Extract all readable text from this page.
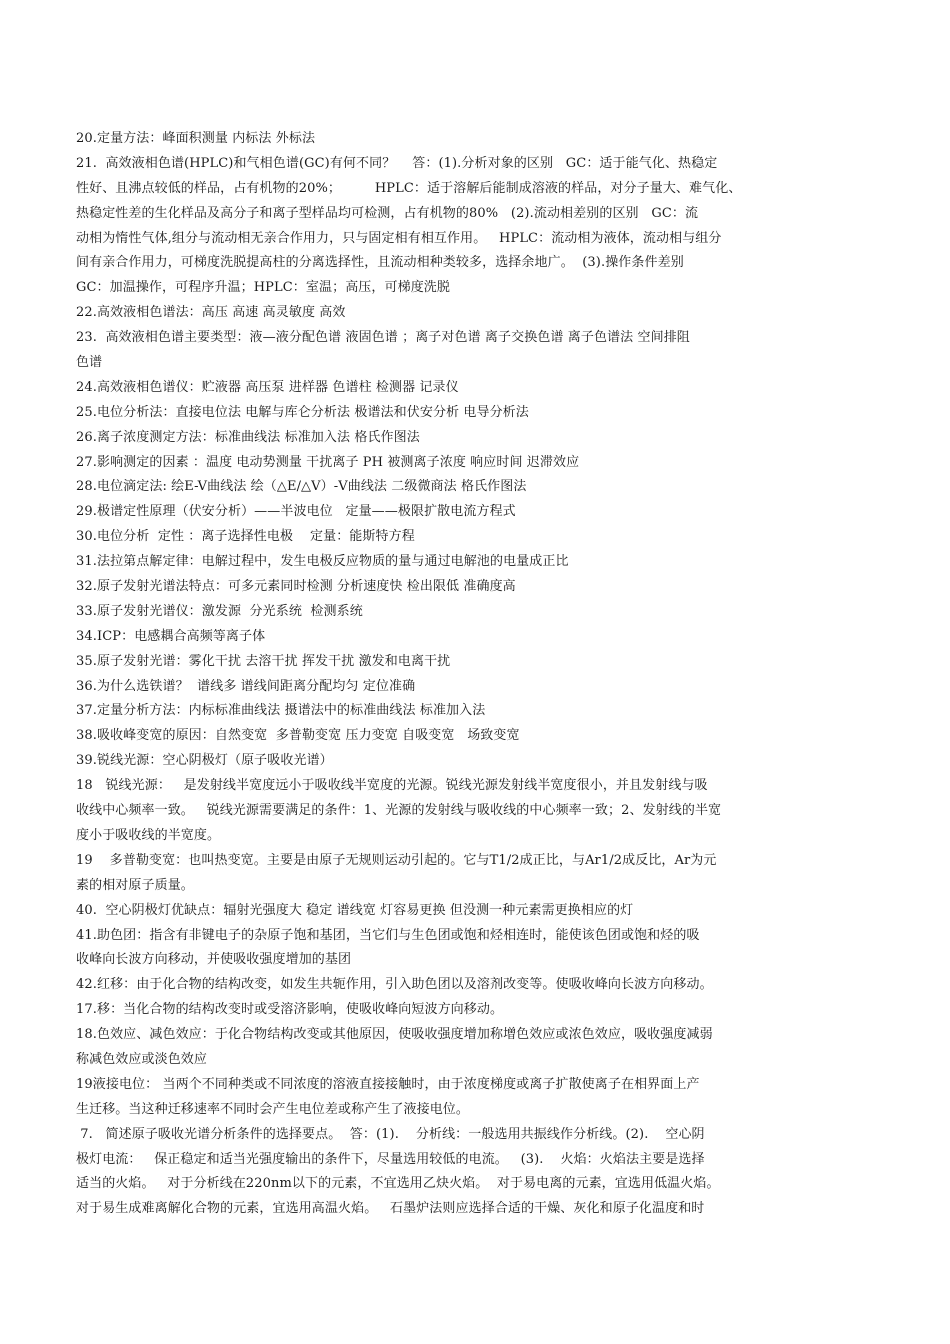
20.定量方法：峰面积测量 内标法 外标法
21.  高效液相色谱(HPLC)和气相色谱(GC)有何不同？    答：(1).分析对象的区别   GC：适于能气化、热稳定
性好、且沸点较低的样品，占有机物的20%；        HPLC：适于溶解后能制成溶液的样品，对分子量大、难气化、
热稳定性差的生化样品及高分子和离子型样品均可检测，占有机物的80%   (2).流动相差别的区别   GC：流
动相为惰性气体,组分与流动相无亲合作用力，只与固定相有相互作用。   HPLC：流动相为液体，流动相与组分
间有亲合作用力，可梯度洗脱提高柱的分离选择性，且流动相种类较多，选择余地广。  (3).操作条件差别
GC：加温操作，可程序升温；HPLC：室温；高压，可梯度洗脱
22.高效液相色谱法：高压 高速 高灵敏度 高效
23.  高效液相色谱主要类型：液—液分配色谱 液固色谱 ；离子对色谱 离子交换色谱 离子色谱法 空间排阻
色谱
24.高效液相色谱仪：贮液器 高压泵 进样器 色谱柱 检测器 记录仪
25.电位分析法：直接电位法 电解与库仑分析法 极谱法和伏安分析 电导分析法
26.离子浓度测定方法：标准曲线法 标准加入法 格氏作图法
27.影响测定的因素 ：温度 电动势测量 干扰离子 PH 被测离子浓度 响应时间 迟滞效应
28.电位滴定法: 绘E-V曲线法 绘（△E/△V）-V曲线法 二级微商法 格氏作图法
29.极谱定性原理（伏安分析）——半波电位   定量——极限扩散电流方程式
30.电位分析  定性 ：离子选择性电极    定量：能斯特方程
31.法拉第点解定律：电解过程中，发生电极反应物质的量与通过电解池的电量成正比
32.原子发射光谱法特点：可多元素同时检测 分析速度快 检出限低 准确度高
33.原子发射光谱仪：激发源  分光系统  检测系统
34.ICP：电感耦合高频等离子体
35.原子发射光谱：雾化干扰 去溶干扰 挥发干扰 激发和电离干扰
36.为什么选铁谱？  谱线多 谱线间距离分配均匀 定位准确
37.定量分析方法：内标标准曲线法 摄谱法中的标准曲线法 标准加入法
38.吸收峰变宽的原因：自然变宽  多普勒变宽 压力变宽 自吸变宽   场致变宽
39.锐线光源：空心阴极灯（原子吸收光谱）
18   锐线光源：   是发射线半宽度远小于吸收线半宽度的光源。锐线光源发射线半宽度很小，并且发射线与吸
收线中心频率一致。   锐线光源需要满足的条件：1、光源的发射线与吸收线的中心频率一致；2、发射线的半宽
度小于吸收线的半宽度。
19    多普勒变宽：也叫热变宽。主要是由原子无规则运动引起的。它与T1/2成正比，与Ar1/2成反比，Ar为元
素的相对原子质量。
40.  空心阴极灯优缺点：辐射光强度大 稳定 谱线宽 灯容易更换 但没测一种元素需更换相应的灯
41.助色团：指含有非键电子的杂原子饱和基团，当它们与生色团或饱和烃相连时，能使该色团或饱和烃的吸
收峰向长波方向移动，并使吸收强度增加的基团
42.红移：由于化合物的结构改变，如发生共轭作用，引入助色团以及溶剂改变等。使吸收峰向长波方向移动。
17.移：当化合物的结构改变时或受溶济影响，使吸收峰向短波方向移动。
18.色效应、减色效应：于化合物结构改变或其他原因，使吸收强度增加称增色效应或浓色效应，吸收强度减弱
称减色效应或淡色效应
19液接电位： 当两个不同种类或不同浓度的溶液直接接触时，由于浓度梯度或离子扩散使离子在相界面上产
生迁移。当这种迁移速率不同时会产生电位差或称产生了液接电位。
7.   简述原子吸收光谱分析条件的选择要点。  答：(1).    分析线：一般选用共振线作分析线。(2).    空心阴
极灯电流：   保正稳定和适当光强度输出的条件下，尽量选用较低的电流。   (3).    火焰：火焰法主要是选择
适当的火焰。   对于分析线在220nm以下的元素，不宜选用乙炔火焰。  对于易电离的元素，宜选用低温火焰。
对于易生成难离解化合物的元素，宜选用高温火焰。   石墨炉法则应选择合适的干燥、灰化和原子化温度和时
